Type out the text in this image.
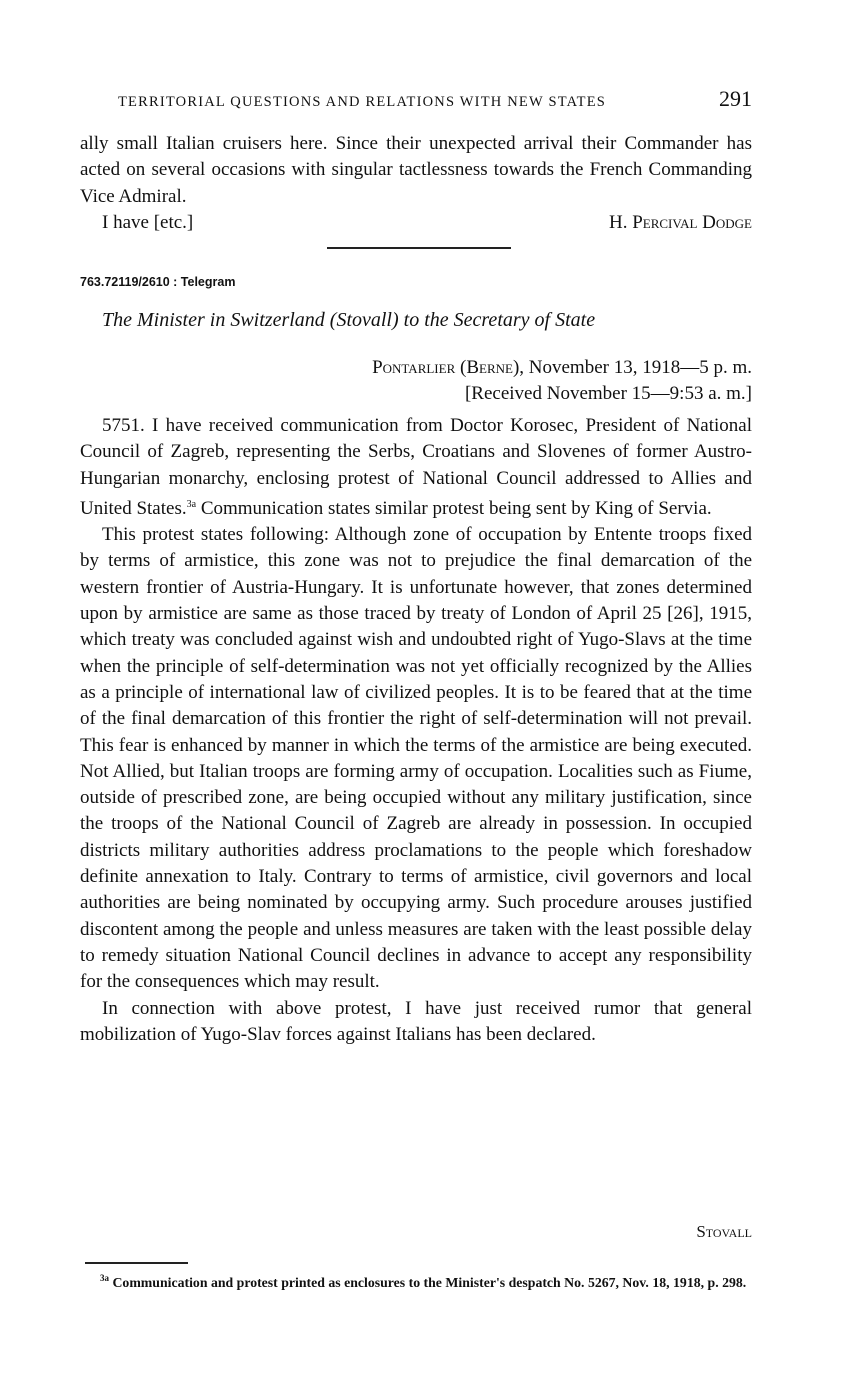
TERRITORIAL QUESTIONS AND RELATIONS WITH NEW STATES	291

ally small Italian cruisers here. Since their unexpected arrival their Commander has acted on several occasions with singular tactlessness towards the French Commanding Vice Admiral.

I have [etc.]	H. Percival Dodge
763.72119/2610 : Telegram
The Minister in Switzerland (Stovall) to the Secretary of State
Pontarlier (Berne), November 13, 1918—5 p. m.
[Received November 15—9:53 a. m.]

5751. I have received communication from Doctor Korosec, President of National Council of Zagreb, representing the Serbs, Croatians and Slovenes of former Austro-Hungarian monarchy, enclosing protest of National Council addressed to Allies and United States.$^{3a}$ Communication states similar protest being sent by King of Servia.

This protest states following: Although zone of occupation by Entente troops fixed by terms of armistice, this zone was not to prejudice the final demarcation of the western frontier of Austria-Hungary. It is unfortunate however, that zones determined upon by armistice are same as those traced by treaty of London of April 25 [26], 1915, which treaty was concluded against wish and undoubted right of Yugo-Slavs at the time when the principle of self-determination was not yet officially recognized by the Allies as a principle of international law of civilized peoples. It is to be feared that at the time of the final demarcation of this frontier the right of self-determination will not prevail. This fear is enhanced by manner in which the terms of the armistice are being executed. Not Allied, but Italian troops are forming army of occupation. Localities such as Fiume, outside of prescribed zone, are being occupied without any military justification, since the troops of the National Council of Zagreb are already in possession. In occupied districts military authorities address proclamations to the people which foreshadow definite annexation to Italy. Contrary to terms of armistice, civil governors and local authorities are being nominated by occupying army. Such procedure arouses justified discontent among the people and unless measures are taken with the least possible delay to remedy situation National Council declines in advance to accept any responsibility for the consequences which may result.

In connection with above protest, I have just received rumor that general mobilization of Yugo-Slav forces against Italians has been declared.

Stovall
$^{3a}$ Communication and protest printed as enclosures to the Minister's despatch No. 5267, Nov. 18, 1918, p. 298.
